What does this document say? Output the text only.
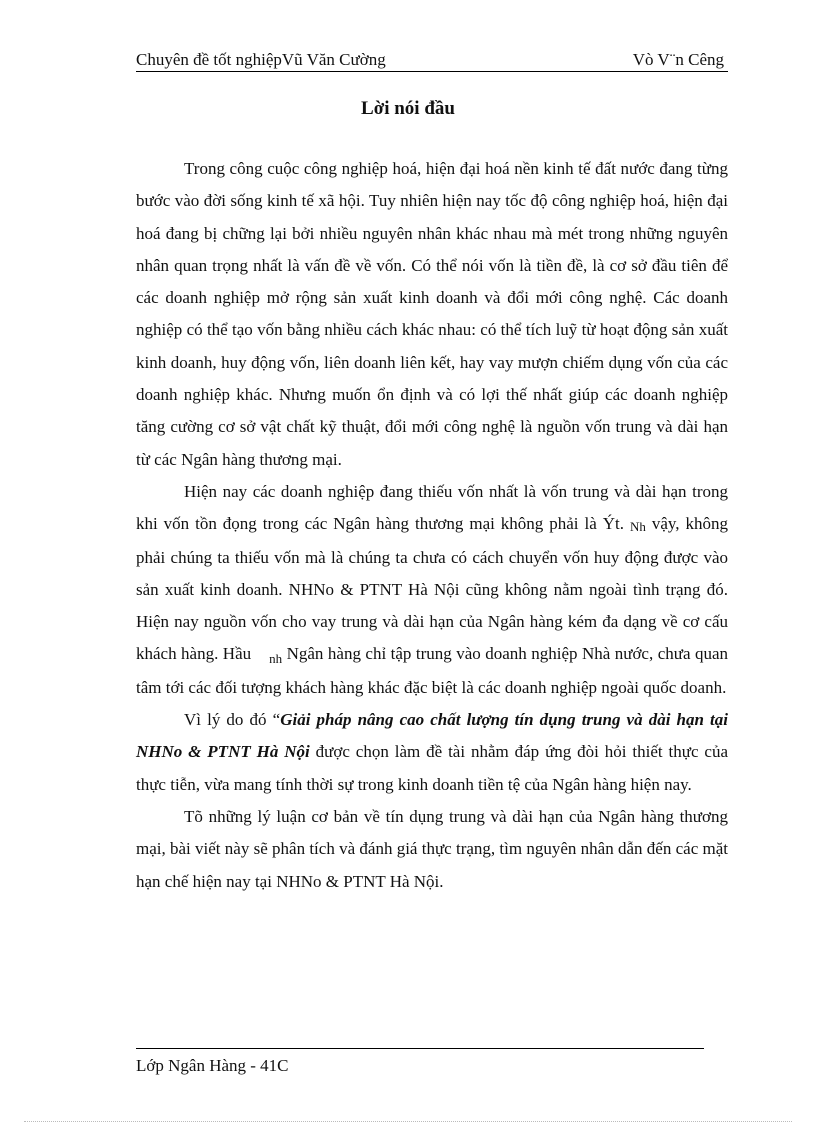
Chuyên đề tốt nghiệpVũ Văn Cường	Vò V¨n Cêng
Lời nói đầu

Trong công cuộc công nghiệp hoá, hiện đại hoá nền kinh tế đất nước đang từng bước vào đời sống kinh tế xã hội. Tuy nhiên hiện nay tốc độ công nghiệp hoá, hiện đại hoá đang bị chững lại bởi nhiều nguyên nhân khác nhau mà mét trong những nguyên nhân quan trọng nhất là vấn đề về vốn. Có thể nói vốn là tiền đề, là cơ sở đầu tiên để các doanh nghiệp mở rộng sản xuất kinh doanh và đổi mới công nghệ. Các doanh nghiệp có thể tạo vốn bằng nhiều cách khác nhau: có thể tích luỹ từ hoạt động sản xuất kinh doanh, huy động vốn, liên doanh liên kết, hay vay mượn chiếm dụng vốn của các doanh nghiệp khác. Nhưng muốn ổn định và có lợi thế nhất giúp các doanh nghiệp tăng cường cơ sở vật chất kỹ thuật, đổi mới công nghệ là nguồn vốn trung và dài hạn từ các Ngân hàng thương mại.

Hiện nay các doanh nghiệp đang thiếu vốn nhất là vốn trung và dài hạn trong khi vốn tồn đọng trong các Ngân hàng thương mại không phải là Ýt. Nh vậy, không phải chúng ta thiếu vốn mà là chúng ta chưa có cách chuyển vốn huy động được vào sản xuất kinh doanh. NHNo & PTNT Hà Nội cũng không nằm ngoài tình trạng đó. Hiện nay nguồn vốn cho vay trung và dài hạn của Ngân hàng kém đa dạng về cơ cấu khách hàng. Hầu $_{nh}$ Ngân hàng chỉ tập trung vào doanh nghiệp Nhà nước, chưa quan tâm tới các đối tượng khách hàng khác đặc biệt là các doanh nghiệp ngoài quốc doanh.

Vì lý do đó “Giải pháp nâng cao chất lượng tín dụng trung và dài hạn tại NHNo & PTNT Hà Nội được chọn làm đề tài nhằm đáp ứng đòi hỏi thiết thực của thực tiễn, vừa mang tính thời sự trong kinh doanh tiền tệ của Ngân hàng hiện nay.

Tõ những lý luận cơ bản về tín dụng trung và dài hạn của Ngân hàng thương mại, bài viết này sẽ phân tích và đánh giá thực trạng, tìm nguyên nhân dẫn đến các mặt hạn chế hiện nay tại NHNo & PTNT Hà Nội.

Lớp Ngân Hàng - 41C
